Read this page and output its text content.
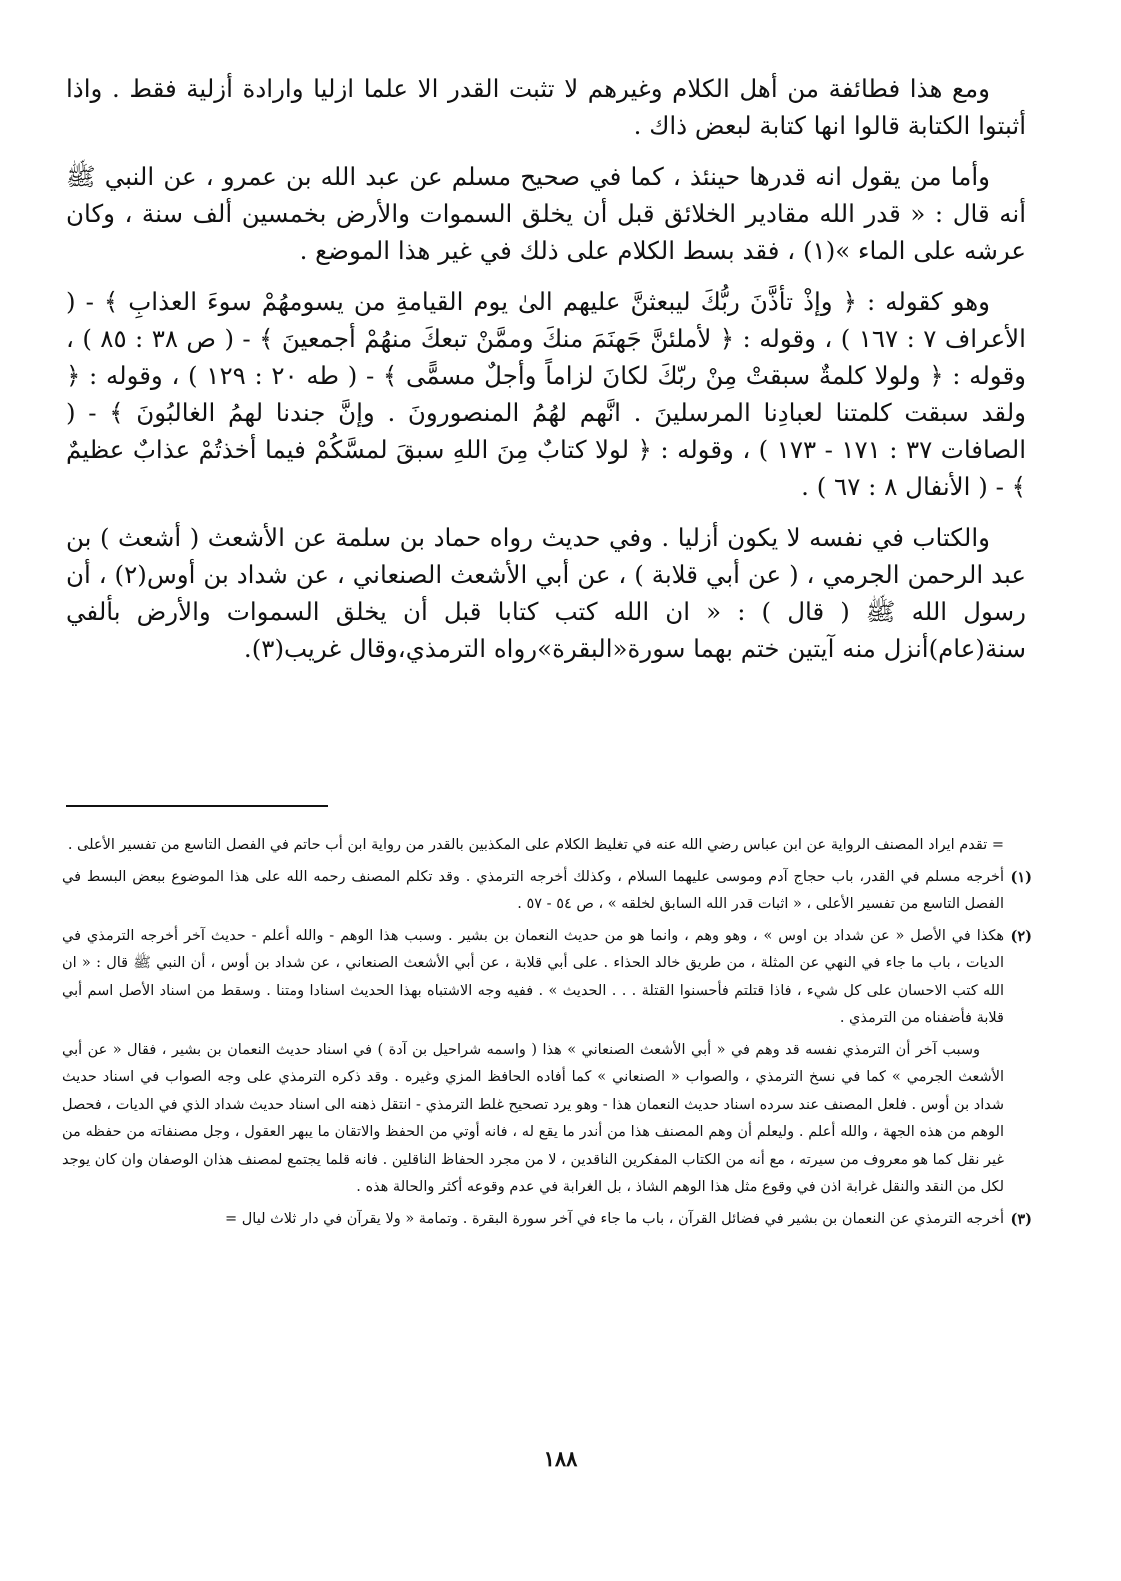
ومع هذا فطائفة من أهل الكلام وغيرهم لا تثبت القدر الا علما ازليا وارادة أزلية فقط . واذا أثبتوا الكتابة قالوا انها كتابة لبعض ذاك .

وأما من يقول انه قدرها حينئذ ، كما في صحيح مسلم عن عبد الله بن عمرو ، عن النبي ﷺ أنه قال : « قدر الله مقادير الخلائق قبل أن يخلق السموات والأرض بخمسين ألف سنة ، وكان عرشه على الماء »(١) ، فقد بسط الكلام على ذلك في غير هذا الموضع .

وهو كقوله : ﴿ وإذْ تأذَّنَ ربُّكَ ليبعثنَّ عليهم الىٰ يوم القيامةِ من يسومهُمْ سوءَ العذابِ ﴾ - ( الأعراف ٧ : ١٦٧ ) ، وقوله : ﴿ لأملئنَّ جَهنَمَ منكَ وممَّنْ تبعكَ منهُمْ أجمعينَ ﴾ - ( ص ٣٨ : ٨٥ ) ، وقوله : ﴿ ولولا كلمةٌ سبقتْ مِنْ ربّكَ لكانَ لزاماً وأجلٌ مسمًّى ﴾ - ( طه ٢٠ : ١٢٩ ) ، وقوله : ﴿ ولقد سبقت كلمتنا لعبادِنا المرسلينَ . انَّهم لهُمُ المنصورونَ . وإنَّ جندنا لهمُ الغالبُونَ ﴾ - ( الصافات ٣٧ : ١٧١ - ١٧٣ ) ، وقوله : ﴿ لولا كتابٌ مِنَ اللهِ سبقَ لمسَّكُمْ فيما أخذتُمْ عذابٌ عظيمٌ ﴾ - ( الأنفال ٨ : ٦٧ ) .

والكتاب في نفسه لا يكون أزليا . وفي حديث رواه حماد بن سلمة عن الأشعث ( أشعث ) بن عبد الرحمن الجرمي ، ( عن أبي قلابة ) ، عن أبي الأشعث الصنعاني ، عن شداد بن أوس(٢) ، أن رسول الله ﷺ ( قال ) : « ان الله كتب كتابا قبل أن يخلق السموات والأرض بألفي سنة(عام)أنزل منه آيتين ختم بهما سورة«البقرة»رواه الترمذي،وقال غريب(٣).

= تقدم ايراد المصنف الرواية عن ابن عباس رضي الله عنه في تغليظ الكلام على المكذبين بالقدر من رواية ابن أب حاتم في الفصل التاسع من تفسير الأعلى .
(١)
أخرجه مسلم في القدر، باب حجاج آدم وموسى عليهما السلام ، وكذلك أخرجه الترمذي . وقد تكلم المصنف رحمه الله على هذا الموضوع ببعض البسط في الفصل التاسع من تفسير الأعلى ، « اثبات قدر الله السابق لخلقه » ، ص ٥٤ - ٥٧ .
(٢)
هكذا في الأصل « عن شداد بن اوس » ، وهو وهم ، وانما هو من حديث النعمان بن بشير . وسبب هذا الوهم - والله أعلم - حديث آخر أخرجه الترمذي في الديات ، باب ما جاء في النهي عن المثلة ، من طريق خالد الحذاء . على أبي قلابة ، عن أبي الأشعث الصنعاني ، عن شداد بن أوس ، أن النبي ﷺ قال : « ان الله كتب الاحسان على كل شيء ، فاذا قتلتم فأحسنوا القتلة . . . الحديث » . ففيه وجه الاشتباه بهذا الحديث اسنادا ومتنا . وسقط من اسناد الأصل اسم أبي قلابة فأضفناه من الترمذي .
وسبب آخر أن الترمذي نفسه قد وهم في « أبي الأشعث الصنعاني » هذا ( واسمه شراحيل بن آدة ) في اسناد حديث النعمان بن بشير ، فقال « عن أبي الأشعث الجرمي » كما في نسخ الترمذي ، والصواب « الصنعاني » كما أفاده الحافظ المزي وغيره . وقد ذكره الترمذي على وجه الصواب في اسناد حديث شداد بن أوس . فلعل المصنف عند سرده اسناد حديث النعمان هذا - وهو يرد تصحيح غلط الترمذي - انتقل ذهنه الى اسناد حديث شداد الذي في الديات ، فحصل الوهم من هذه الجهة ، والله أعلم . وليعلم أن وهم المصنف هذا من أندر ما يقع له ، فانه أوتي من الحفظ والاتقان ما يبهر العقول ، وجل مصنفاته من حفظه من غير نقل كما هو معروف من سيرته ، مع أنه من الكتاب المفكرين الناقدين ، لا من مجرد الحفاظ الناقلين . فانه قلما يجتمع لمصنف هذان الوصفان وان كان يوجد لكل من النقد والنقل غرابة اذن في وقوع مثل هذا الوهم الشاذ ، بل الغرابة في عدم وقوعه أكثر والحالة هذه .
(٣)
أخرجه الترمذي عن النعمان بن بشير في فضائل القرآن ، باب ما جاء في آخر سورة البقرة . وتمامة « ولا يقرآن في دار ثلاث ليال =
١٨٨
